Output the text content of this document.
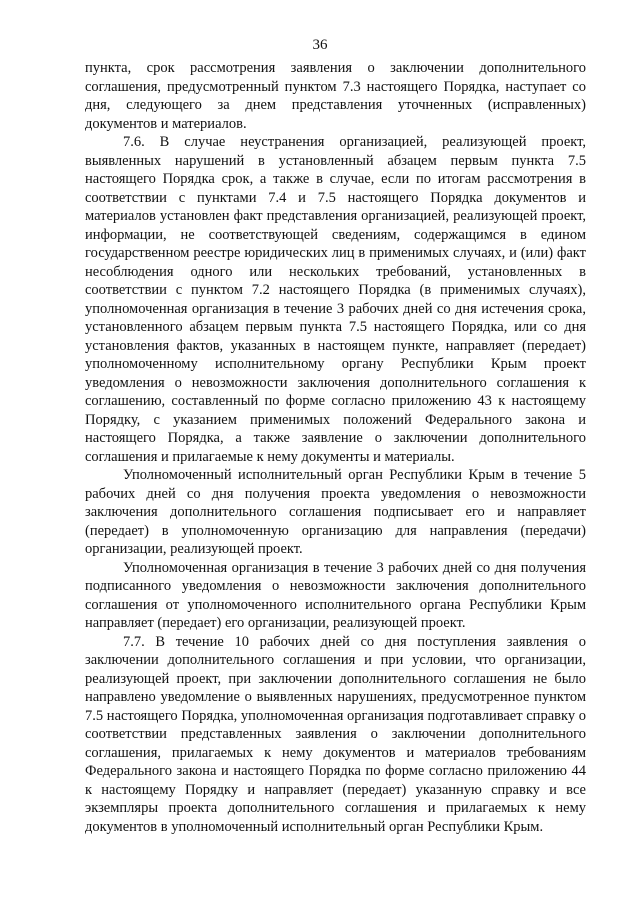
36

пункта, срок рассмотрения заявления о заключении дополнительного соглашения, предусмотренный пунктом 7.3 настоящего Порядка, наступает со дня, следующего за днем представления уточненных (исправленных) документов и материалов.

7.6. В случае неустранения организацией, реализующей проект, выявленных нарушений в установленный абзацем первым пункта 7.5 настоящего Порядка срок, а также в случае, если по итогам рассмотрения в соответствии с пунктами 7.4 и 7.5 настоящего Порядка документов и материалов установлен факт представления организацией, реализующей проект, информации, не соответствующей сведениям, содержащимся в едином государственном реестре юридических лиц в применимых случаях, и (или) факт несоблюдения одного или нескольких требований, установленных в соответствии с пунктом 7.2 настоящего Порядка (в применимых случаях), уполномоченная организация в течение 3 рабочих дней со дня истечения срока, установленного абзацем первым пункта 7.5 настоящего Порядка, или со дня установления фактов, указанных в настоящем пункте, направляет (передает) уполномоченному исполнительному органу Республики Крым проект уведомления о невозможности заключения дополнительного соглашения к соглашению, составленный по форме согласно приложению 43 к настоящему Порядку, с указанием применимых положений Федерального закона и настоящего Порядка, а также заявление о заключении дополнительного соглашения и прилагаемые к нему документы и материалы.

Уполномоченный исполнительный орган Республики Крым в течение 5 рабочих дней со дня получения проекта уведомления о невозможности заключения дополнительного соглашения подписывает его и направляет (передает) в уполномоченную организацию для направления (передачи) организации, реализующей проект.

Уполномоченная организация в течение 3 рабочих дней со дня получения подписанного уведомления о невозможности заключения дополнительного соглашения от уполномоченного исполнительного органа Республики Крым направляет (передает) его организации, реализующей проект.

7.7. В течение 10 рабочих дней со дня поступления заявления о заключении дополнительного соглашения и при условии, что организации, реализующей проект, при заключении дополнительного соглашения не было направлено уведомление о выявленных нарушениях, предусмотренное пунктом 7.5 настоящего Порядка, уполномоченная организация подготавливает справку о соответствии представленных заявления о заключении дополнительного соглашения, прилагаемых к нему документов и материалов требованиям Федерального закона и настоящего Порядка по форме согласно приложению 44 к настоящему Порядку и направляет (передает) указанную справку и все экземпляры проекта дополнительного соглашения и прилагаемых к нему документов в уполномоченный исполнительный орган Республики Крым.
